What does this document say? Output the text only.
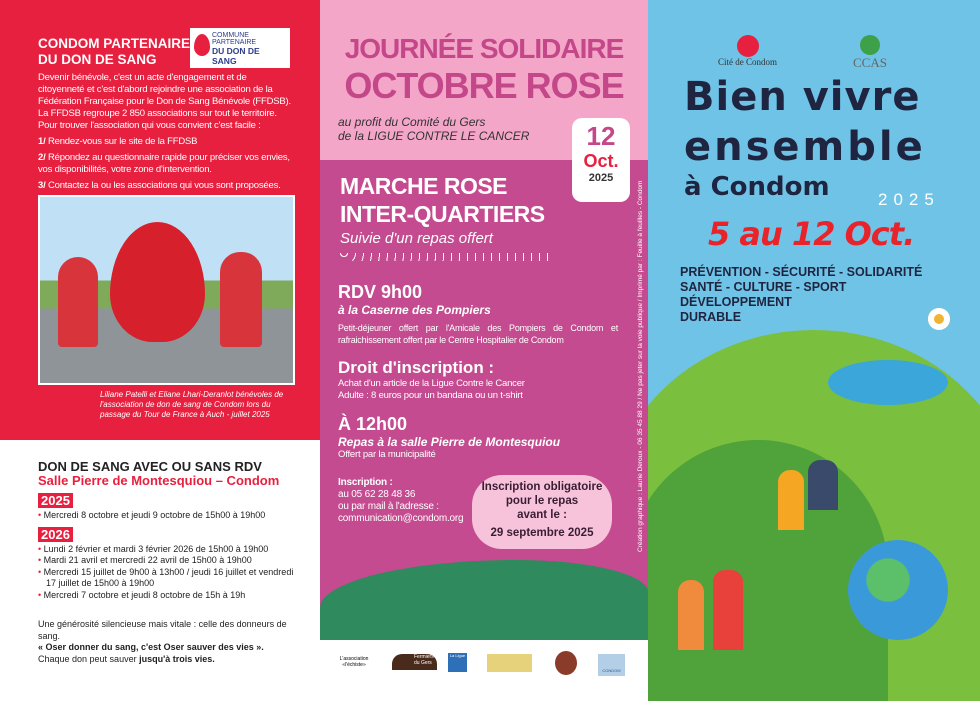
CONDOM PARTENAIRE DU DON DE SANG
COMMUNE PARTENAIRE
DU DON DE SANG

Devenir bénévole, c'est un acte d'engagement et de citoyenneté et c'est d'abord rejoindre une association de la Fédération Française pour le Don de Sang Bénévole (FFDSB).

La FFDSB regroupe 2 850 associations sur tout le territoire. Pour trouver l'association qui vous convient c'est facile :

1/ Rendez-vous sur le site de la FFDSB

2/ Répondez au questionnaire rapide pour préciser vos envies, vos disponibilités, votre zone d'intervention.

3/ Contactez la ou les associations qui vous sont proposées.

Liliane Patelli et Eliane Lhari-Deranlot bénévoles de l'association de don de sang de Condom lors du passage du Tour de France à Auch - juillet 2025
DON DE SANG AVEC OU SANS RDV
Salle Pierre de Montesquiou – Condom
2025
• Mercredi 8 octobre et jeudi 9 octobre de 15h00 à 19h00
2026
• Lundi 2 février et mardi 3 février 2026 de 15h00 à 19h00
• Mardi 21 avril et mercredi 22 avril de 15h00 à 19h00
• Mercredi 15 juillet de 9h00 à 13h00 / jeudi 16 juillet et vendredi 17 juillet de 15h00 à 19h00
• Mercredi 7 octobre et jeudi 8 octobre de 15h à 19h
Une générosité silencieuse mais vitale : celle des donneurs de sang.
« Oser donner du sang, c'est Oser sauver des vies ».
Chaque don peut sauver jusqu'à trois vies.
JOURNÉE SOLIDAIRE
OCTOBRE ROSE
au profit du Comité du Gers
de la LIGUE CONTRE LE CANCER	12
Oct.
2025
MARCHE ROSE
INTER-QUARTIERS
Suivie d'un repas offert
RDV 9h00
à la Caserne des Pompiers
Petit-déjeuner offert par l'Amicale des Pompiers de Condom et rafraichissement offert par le Centre Hospitalier de Condom
Droit d'inscription :
Achat d'un article de la Ligue Contre le Cancer
Adulte : 8 euros pour un bandana ou un t-shirt
À 12h00
Repas à la salle Pierre de Montesquiou
Offert par la municipalité
Inscription :
au 05 62 28 48 36
ou par mail à l'adresse :
communication@condom.org
Inscription obligatoire
pour le repas
avant le :
29 septembre 2025	Création graphique : Laurie Deroux - 06 35 45 88 29 / Ne pas jeter sur la voie publique / Imprimé par : Feuille à feuilles - Condom
L'association «l'échiste»
Fermiers du Gers
La Ligue
CONDOM
Cité de Condom	CCAS
Bien vivre
ensemble
à Condom	2025
5 au 12 Oct.
PRÉVENTION - SÉCURITÉ - SOLIDARITÉ
SANTÉ - CULTURE - SPORT
DÉVELOPPEMENT
DURABLE
